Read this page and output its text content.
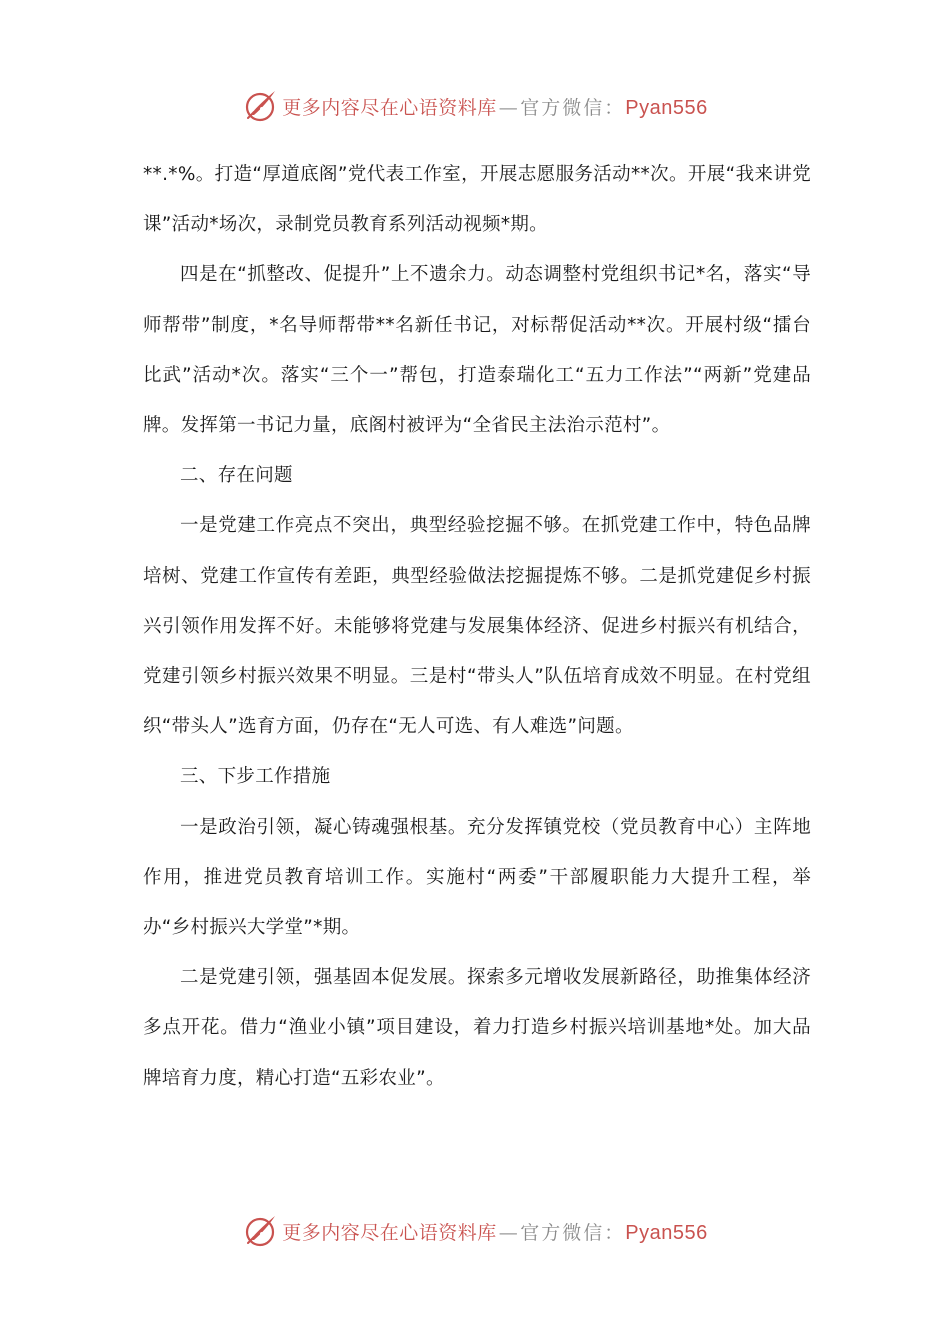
更多内容尽在心语资料库 — 官方微信：Pyan556

**.*%。打造“厚道底阁”党代表工作室，开展志愿服务活动**次。开展“我来讲党课”活动*场次，录制党员教育系列活动视频*期。

四是在“抓整改、促提升”上不遗余力。动态调整村党组织书记*名，落实“导师帮带”制度，*名导师帮带**名新任书记，对标帮促活动**次。开展村级“擂台比武”活动*次。落实“三个一”帮包，打造泰瑞化工“五力工作法”“两新”党建品牌。发挥第一书记力量，底阁村被评为“全省民主法治示范村”。

二、存在问题

一是党建工作亮点不突出，典型经验挖掘不够。在抓党建工作中，特色品牌培树、党建工作宣传有差距，典型经验做法挖掘提炼不够。二是抓党建促乡村振兴引领作用发挥不好。未能够将党建与发展集体经济、促进乡村振兴有机结合，党建引领乡村振兴效果不明显。三是村“带头人”队伍培育成效不明显。在村党组织“带头人”选育方面，仍存在“无人可选、有人难选”问题。

三、下步工作措施

一是政治引领，凝心铸魂强根基。充分发挥镇党校（党员教育中心）主阵地作用，推进党员教育培训工作。实施村“两委”干部履职能力大提升工程，举办“乡村振兴大学堂”*期。

二是党建引领，强基固本促发展。探索多元增收发展新路径，助推集体经济多点开花。借力“渔业小镇”项目建设，着力打造乡村振兴培训基地*处。加大品牌培育力度，精心打造“五彩农业”。

更多内容尽在心语资料库 — 官方微信：Pyan556
